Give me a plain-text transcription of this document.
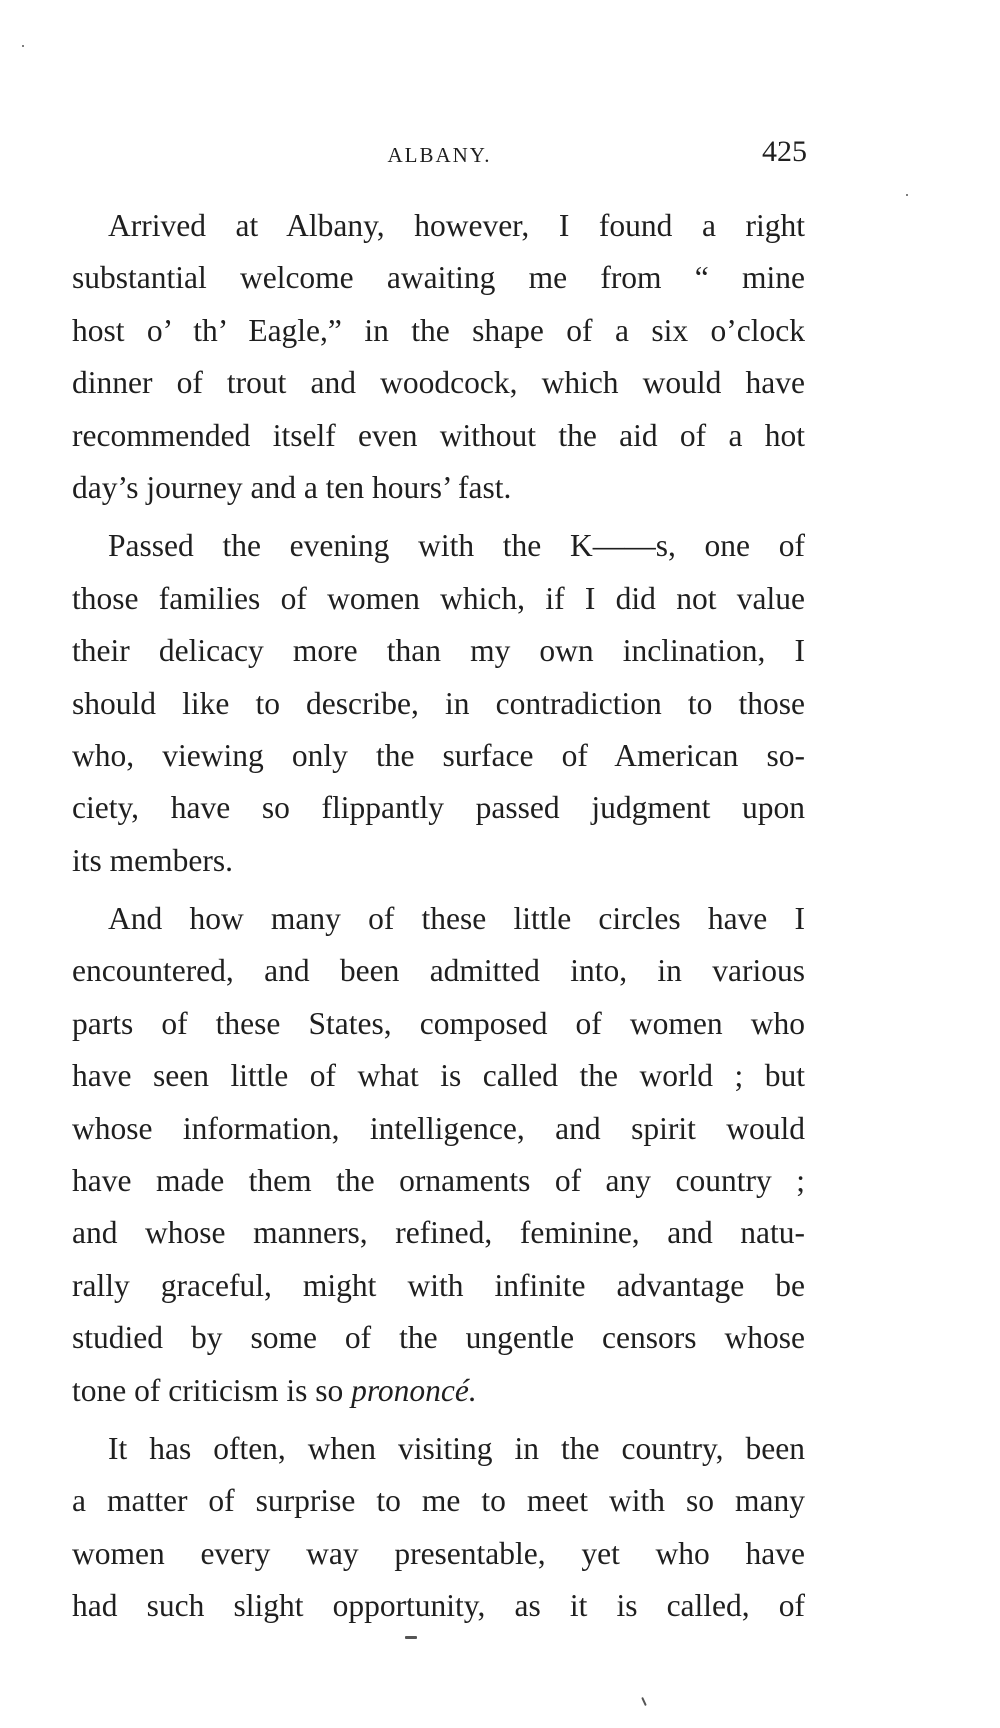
ALBANY.	425
Arrived at Albany, however, I found a right
substantial welcome awaiting me from “ mine
host o’ th’ Eagle,” in the shape of a six o’clock
dinner of trout and woodcock, which would have
recommended itself even without the aid of a hot
day’s journey and a ten hours’ fast.
Passed the evening with the K——s, one of
those families of women which, if I did not value
their delicacy more than my own inclination, I
should like to describe, in contradiction to those
who, viewing only the surface of American so-
ciety, have so flippantly passed judgment upon
its members.
And how many of these little circles have I
encountered, and been admitted into, in various
parts of these States, composed of women who
have seen little of what is called the world ; but
whose information, intelligence, and spirit would
have made them the ornaments of any country ;
and whose manners, refined, feminine, and natu-
rally graceful, might with infinite advantage be
studied by some of the ungentle censors whose
tone of criticism is so prononcé.
It has often, when visiting in the country, been
a matter of surprise to me to meet with so many
women every way presentable, yet who have
had such slight opportunity, as it is called, of
